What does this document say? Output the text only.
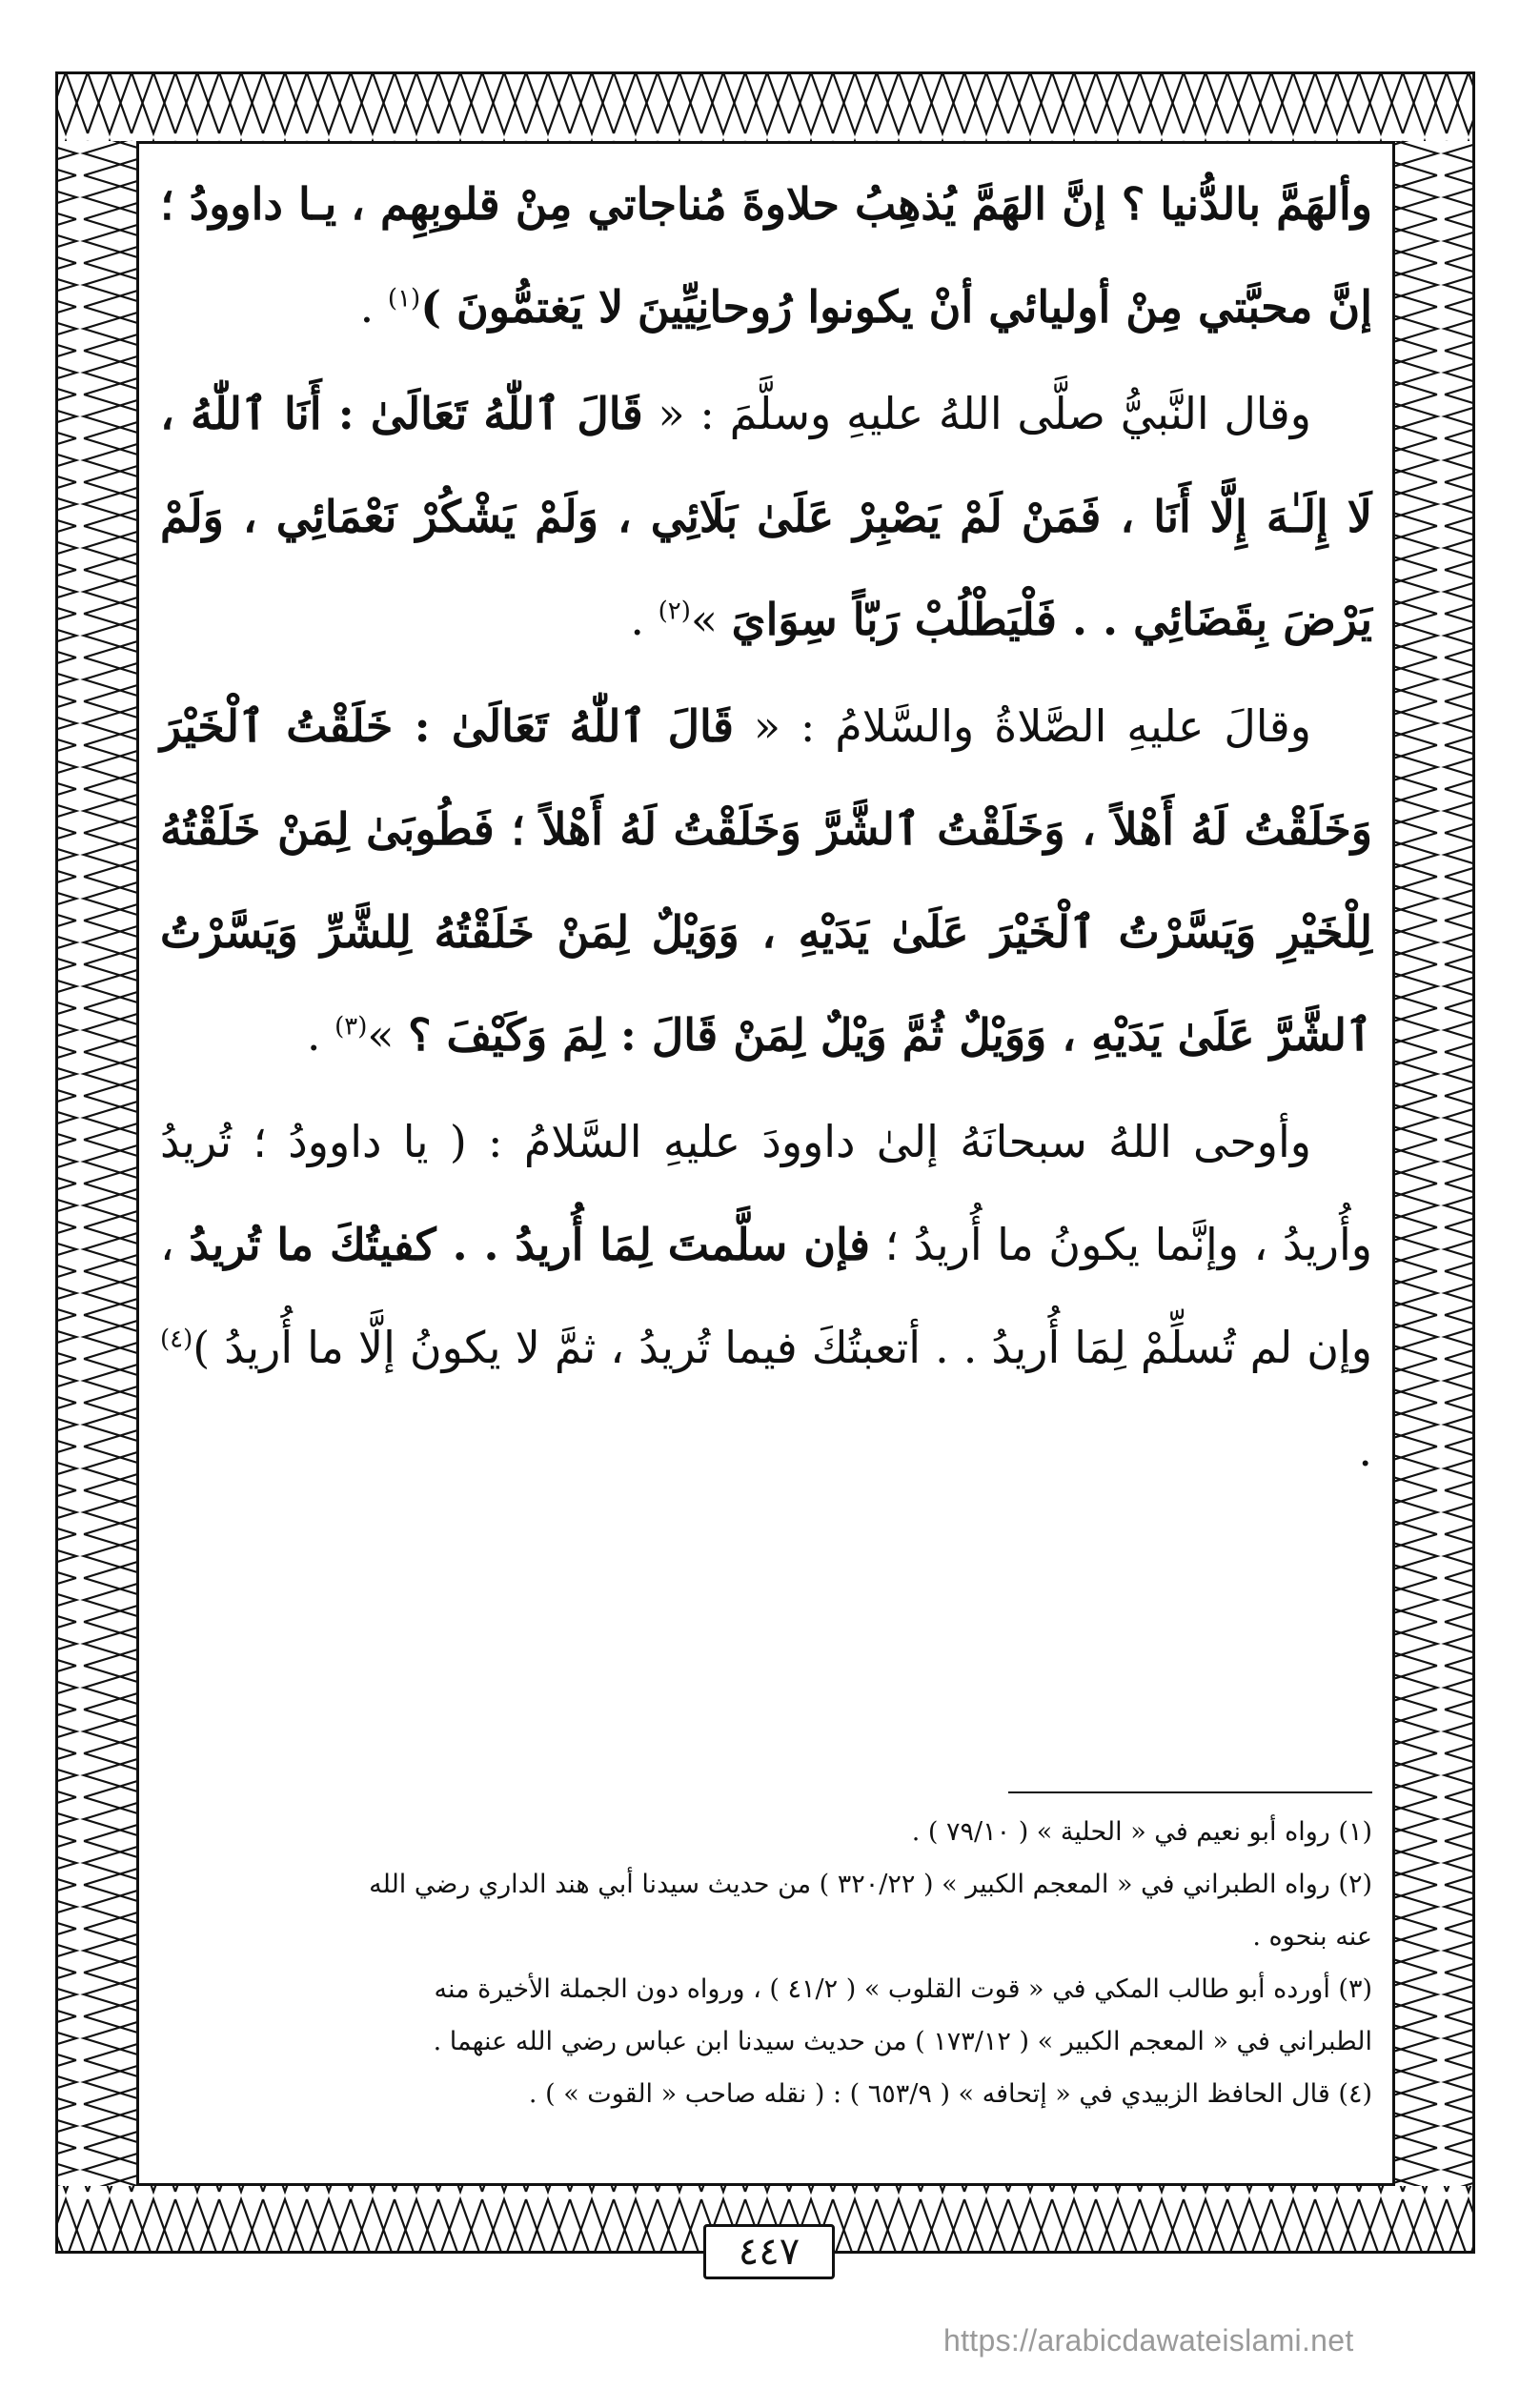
وألهَمَّ بالدُّنيا ؟ إنَّ الهَمَّ يُذهِبُ حلاوةَ مُناجاتي مِنْ قلوبِهِم ، يـا داوودُ ؛ إنَّ محبَّتي مِنْ أوليائي أنْ يكونوا رُوحانِيِّينَ لا يَغتمُّونَ )$^{(١)}$ .

وقال النَّبيُّ صلَّى اللهُ عليهِ وسلَّمَ : « قَالَ ٱللّٰهُ تَعَالَىٰ : أَنَا ٱللّٰهُ ، لَا إِلَـٰهَ إِلَّا أَنَا ، فَمَنْ لَمْ يَصْبِرْ عَلَىٰ بَلَائِي ، وَلَمْ يَشْكُرْ نَعْمَائِي ، وَلَمْ يَرْضَ بِقَضَائِي . . فَلْيَطْلُبْ رَبّاً سِوَايَ »$^{(٢)}$ .

وقالَ عليهِ الصَّلاةُ والسَّلامُ : « قَالَ ٱللّٰهُ تَعَالَىٰ : خَلَقْتُ ٱلْخَيْرَ وَخَلَقْتُ لَهُ أَهْلاً ، وَخَلَقْتُ ٱلشَّرَّ وَخَلَقْتُ لَهُ أَهْلاً ؛ فَطُوبَىٰ لِمَنْ خَلَقْتُهُ لِلْخَيْرِ وَيَسَّرْتُ ٱلْخَيْرَ عَلَىٰ يَدَيْهِ ، وَوَيْلٌ لِمَنْ خَلَقْتُهُ لِلشَّرِّ وَيَسَّرْتُ ٱلشَّرَّ عَلَىٰ يَدَيْهِ ، وَوَيْلٌ ثُمَّ وَيْلٌ لِمَنْ قَالَ : لِمَ وَكَيْفَ ؟ »$^{(٣)}$ .

وأوحى اللهُ سبحانَهُ إلىٰ داوودَ عليهِ السَّلامُ : ( يا داوودُ ؛ تُريدُ وأُريدُ ، وإنَّما يكونُ ما أُريدُ ؛ فإن سلَّمتَ لِمَا أُريدُ . . كفيتُكَ ما تُريدُ ، وإن لم تُسلِّمْ لِمَا أُريدُ . . أتعبتُكَ فيما تُريدُ ، ثمَّ لا يكونُ إلَّا ما أُريدُ )$^{(٤)}$ .

(١) رواه أبو نعيم في « الحلية » ( ٧٩/١٠ ) .
(٢) رواه الطبراني في « المعجم الكبير » ( ٣٢٠/٢٢ ) من حديث سيدنا أبي هند الداري رضي الله
عنه بنحوه .
(٣) أورده أبو طالب المكي في « قوت القلوب » ( ٤١/٢ ) ، ورواه دون الجملة الأخيرة منه
الطبراني في « المعجم الكبير » ( ١٧٣/١٢ ) من حديث سيدنا ابن عباس رضي الله عنهما .
(٤) قال الحافظ الزبيدي في « إتحافه » ( ٦٥٣/٩ ) : ( نقله صاحب « القوت » ) .
٤٤٧
https://arabicdawateislami.net
